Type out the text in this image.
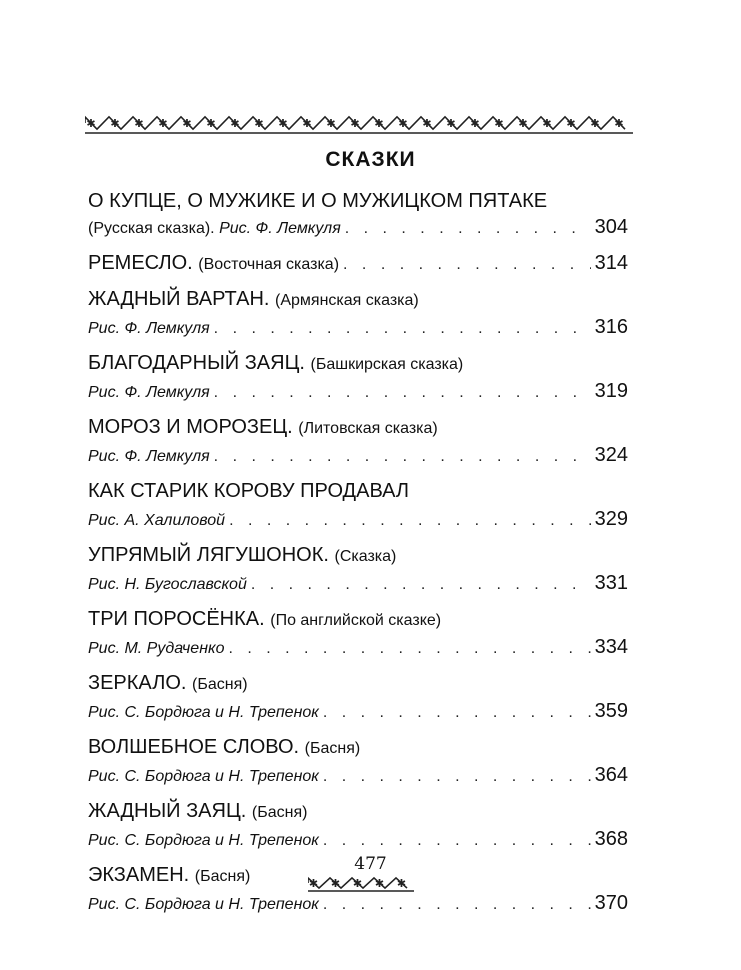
✱ ✱ ✱ ✱ ✱ ✱ ✱ ✱ ✱ ✱ ✱ ✱ ✱ ✱ ✱ ✱ ✱ ✱ ✱ ✱ ✱ ✱ ✱
СКАЗКИ
О КУПЦЕ, О МУЖИКЕ И О МУЖИЦКОМ ПЯТАКЕ
(Русская сказка). Рис. Ф. Лемкуля . . .	304
РЕМЕСЛО. (Восточная сказка) . . .	314
ЖАДНЫЙ ВАРТАН. (Армянская сказка)
Рис. Ф. Лемкуля . . .	316
БЛАГОДАРНЫЙ ЗАЯЦ. (Башкирская сказка)
Рис. Ф. Лемкуля . . .	319
МОРОЗ И МОРОЗЕЦ. (Литовская сказка)
Рис. Ф. Лемкуля . . .	324
КАК СТАРИК КОРОВУ ПРОДАВАЛ
Рис. А. Халиловой . . .	329
УПРЯМЫЙ ЛЯГУШОНОК. (Сказка)
Рис. Н. Бугославской . . .	331
ТРИ ПОРОСЁНКА. (По английской сказке)
Рис. М. Рудаченко . . .	334
ЗЕРКАЛО. (Басня)
Рис. С. Бордюга и Н. Трепенок . . .	359
ВОЛШЕБНОЕ СЛОВО. (Басня)
Рис. С. Бордюга и Н. Трепенок . . .	364
ЖАДНЫЙ ЗАЯЦ. (Басня)
Рис. С. Бордюга и Н. Трепенок . . .	368
ЭКЗАМЕН. (Басня)
Рис. С. Бордюга и Н. Трепенок . . .	370
477
✱ ✱ ✱ ✱ ✱
